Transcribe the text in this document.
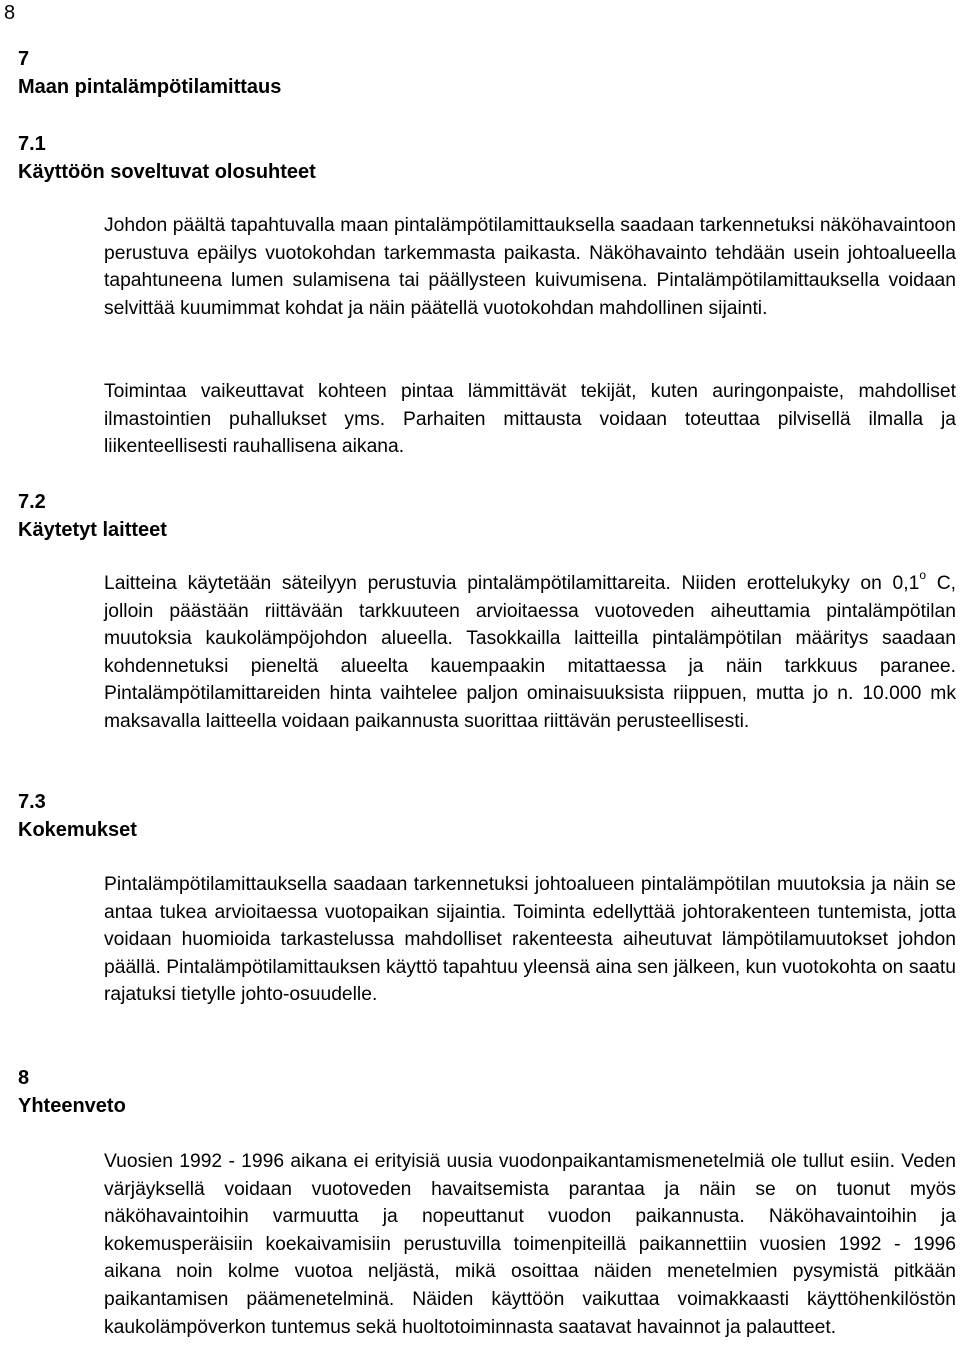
8
7
Maan pintalämpötilamittaus
7.1
Käyttöön soveltuvat olosuhteet

Johdon päältä tapahtuvalla maan pintalämpötilamittauksella saadaan tarkennetuksi näköhavaintoon perustuva epäilys vuotokohdan tarkemmasta paikasta. Näköhavainto tehdään usein johtoalueella tapahtuneena lumen sulamisena tai päällysteen kuivumisena. Pintalämpötilamittauksella voidaan selvittää kuumimmat kohdat ja näin päätellä vuotokohdan mahdollinen sijainti.

Toimintaa vaikeuttavat kohteen pintaa lämmittävät tekijät, kuten auringonpaiste, mahdolliset ilmastointien puhallukset yms. Parhaiten mittausta voidaan toteuttaa pilvisellä ilmalla ja liikenteellisesti rauhallisena aikana.

7.2
Käytetyt laitteet

Laitteina käytetään säteilyyn perustuvia pintalämpötilamittareita. Niiden erottelukyky on 0,1$^o$ C, jolloin päästään riittävään tarkkuuteen arvioitaessa vuotoveden aiheuttamia pintalämpötilan muutoksia kaukolämpöjohdon alueella. Tasokkailla laitteilla pintalämpötilan määritys saadaan kohdennetuksi pieneltä alueelta kauempaakin mitattaessa ja näin tarkkuus paranee. Pintalämpötilamittareiden hinta vaihtelee paljon ominaisuuksista riippuen, mutta jo n. 10.000 mk maksavalla laitteella voidaan paikannusta suorittaa riittävän perusteellisesti.

7.3
Kokemukset

Pintalämpötilamittauksella saadaan tarkennetuksi johtoalueen pintalämpötilan muutoksia ja näin se antaa tukea arvioitaessa vuotopaikan sijaintia. Toiminta edellyttää johtorakenteen tuntemista, jotta voidaan huomioida tarkastelussa mahdolliset rakenteesta aiheutuvat lämpötilamuutokset johdon päällä. Pintalämpötilamittauksen käyttö tapahtuu yleensä aina sen jälkeen, kun vuotokohta on saatu rajatuksi tietylle johto-osuudelle.

8
Yhteenveto

Vuosien 1992 - 1996 aikana ei erityisiä uusia vuodonpaikantamismenetelmiä ole tullut esiin. Veden värjäyksellä voidaan vuotoveden havaitsemista parantaa ja näin se on tuonut myös näköhavaintoihin varmuutta ja nopeuttanut vuodon paikannusta. Näköhavaintoihin ja kokemusperäisiin koekaivamisiin perustuvilla toimenpiteillä paikannettiin vuosien 1992 - 1996 aikana noin kolme vuotoa neljästä, mikä osoittaa näiden menetelmien pysymistä pitkään paikantamisen päämenetelminä. Näiden käyttöön vaikuttaa voimakkaasti käyttöhenkilöstön kaukolämpöverkon tuntemus sekä huoltotoiminnasta saatavat havainnot ja palautteet.
